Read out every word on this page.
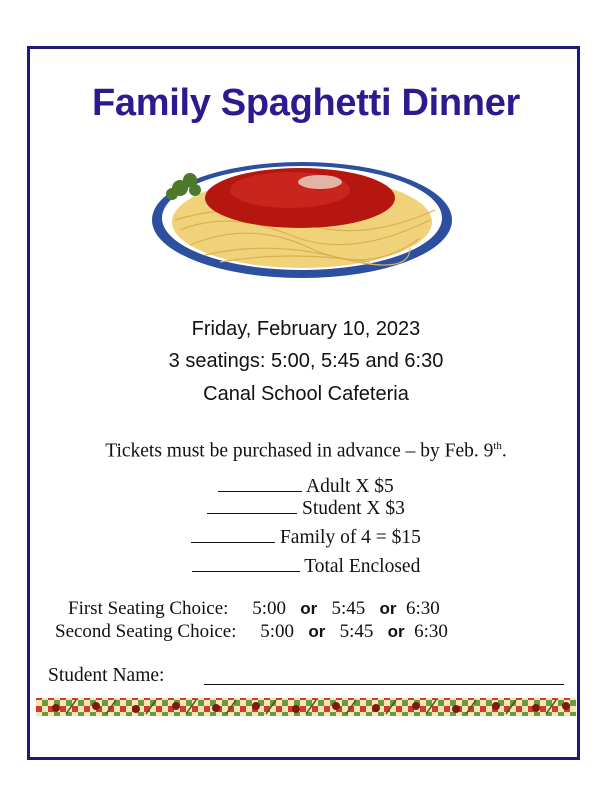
Family Spaghetti Dinner
Friday, February 10, 2023
3 seatings: 5:00, 5:45 and 6:30
Canal School Cafeteria
Tickets must be purchased in advance – by Feb. 9th.
Adult X $5
Student X $3
Family of 4 = $15
Total Enclosed
First Seating Choice: 5:00 or 5:45 or 6:30
Second Seating Choice: 5:00 or 5:45 or 6:30
Student Name:
